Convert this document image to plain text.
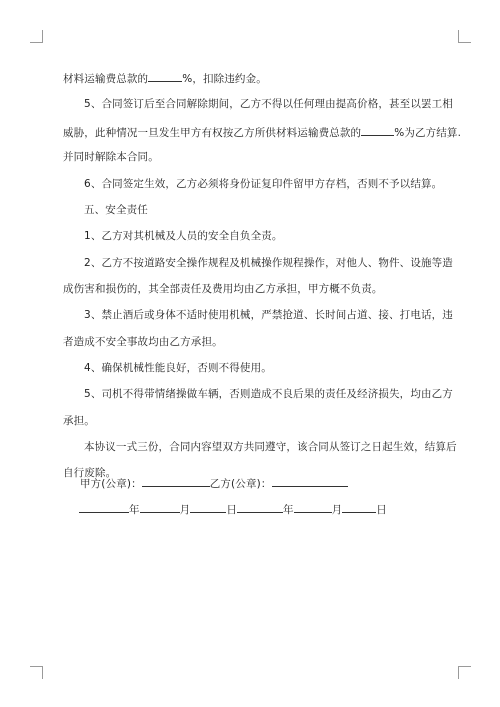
材料运输费总款的	%，扣除违约金。
5、合同签订后至合同解除期间，乙方不得以任何理由提高价格，甚至以罢工相
威胁，此种情况一旦发生甲方有权按乙方所供材料运输费总款的	%为乙方结算.
并同时解除本合同。
6、合同签定生效，乙方必须将身份证复印件留甲方存档，否则不予以结算。
五、安全责任
1、乙方对其机械及人员的安全自负全责。
2、乙方不按道路安全操作规程及机械操作规程操作，对他人、物件、设施等造
成伤害和损伤的，其全部责任及费用均由乙方承担，甲方概不负责。
3、禁止酒后或身体不适时使用机械，严禁抢道、长时间占道、接、打电话，违
者造成不安全事故均由乙方承担。
4、确保机械性能良好，否则不得使用。
5、司机不得带情绪操做车辆，否则造成不良后果的责任及经济损失，均由乙方
承担。
本协议一式三份，合同内容望双方共同遵守，该合同从签订之日起生效，结算后
自行废除。
甲方(公章)：	乙方(公章)：
年	月	日	年	月	日
